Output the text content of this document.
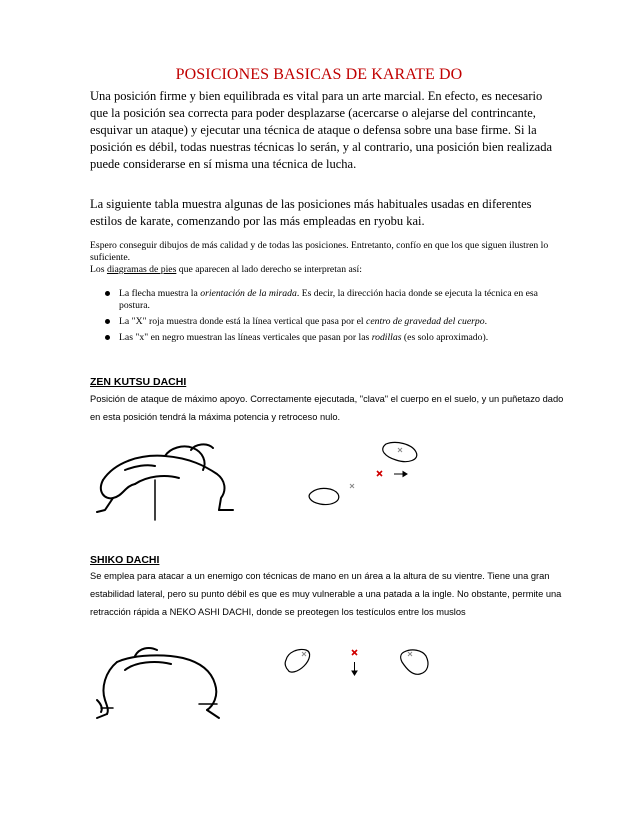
POSICIONES BASICAS DE KARATE DO

Una posición firme y bien equilibrada es vital para un arte marcial. En efecto, es necesario que la posición sea correcta para poder desplazarse (acercarse o alejarse del contrincante, esquivar un ataque) y ejecutar una técnica de ataque o defensa sobre una base firme. Si la posición es débil, todas nuestras técnicas lo serán, y al contrario, una posición bien realizada puede considerarse en sí misma una técnica de lucha.

La siguiente tabla muestra algunas de las posiciones más habituales usadas en diferentes estilos de karate, comenzando por las más empleadas en ryobu kai.

Espero conseguir dibujos de más calidad y de todas las posiciones. Entretanto, confío en que los que siguen ilustren lo suficiente.

Los diagramas de pies que aparecen al lado derecho se interpretan así:

La flecha muestra la orientación de la mirada. Es decir, la dirección hacia donde se ejecuta la técnica en esa postura.
La "X" roja muestra donde está la línea vertical que pasa por el centro de gravedad del cuerpo.
Las "x" en negro muestran las líneas verticales que pasan por las rodillas (es solo aproximado).
ZEN KUTSU DACHI

Posición de ataque de máximo apoyo. Correctamente ejecutada, "clava" el cuerpo en el suelo, y un puñetazo dado en esta posición tendrá la máxima potencia y retroceso nulo.

SHIKO DACHI

Se emplea para atacar a un enemigo con técnicas de mano en un área a la altura de su vientre. Tiene una gran estabilidad lateral, pero su punto débil es que es muy vulnerable a una patada a la ingle. No obstante, permite una retracción rápida a NEKO ASHI DACHI, donde se preotegen los testículos entre los muslos
